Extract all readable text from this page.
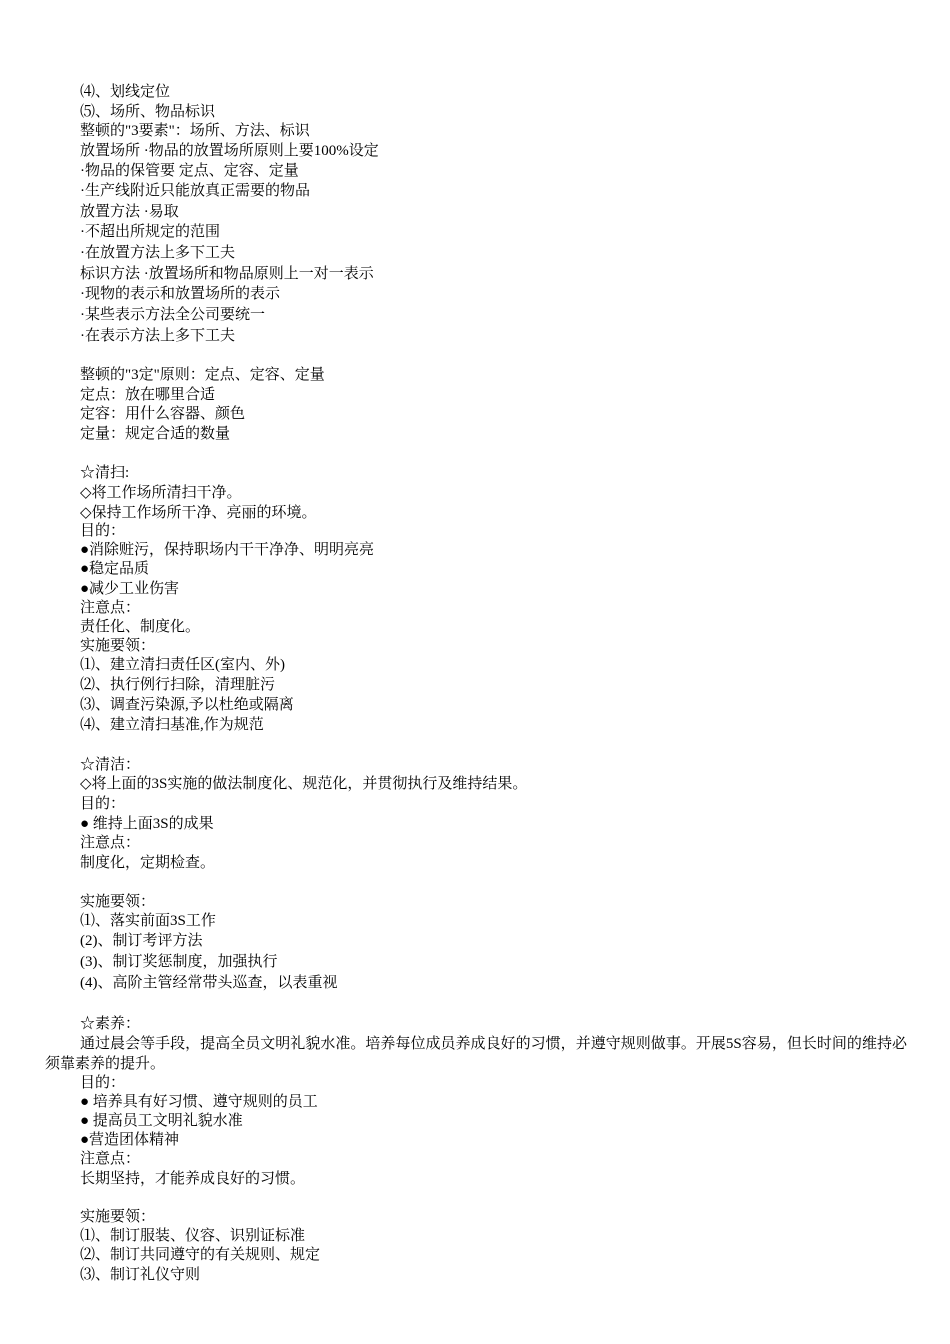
⑷、划线定位
⑸、场所、物品标识
整顿的"3要素"：场所、方法、标识
放置场所 ·物品的放置场所原则上要100%设定
·物品的保管要 定点、定容、定量
·生产线附近只能放真正需要的物品
放置方法 ·易取
·不超出所规定的范围
·在放置方法上多下工夫
标识方法 ·放置场所和物品原则上一对一表示
·现物的表示和放置场所的表示
·某些表示方法全公司要统一
·在表示方法上多下工夫
整顿的"3定"原则：定点、定容、定量
定点：放在哪里合适
定容：用什么容器、颜色
定量：规定合适的数量
☆清扫:
◇将工作场所清扫干净。
◇保持工作场所干净、亮丽的环境。
目的：
●消除赃污，保持职场内干干净净、明明亮亮
●稳定品质
●减少工业伤害
注意点：
责任化、制度化。
实施要领：
⑴、建立清扫责任区(室内、外)
⑵、执行例行扫除，清理脏污
⑶、调查污染源,予以杜绝或隔离
⑷、建立清扫基准,作为规范
☆清洁：
◇将上面的3S实施的做法制度化、规范化，并贯彻执行及维持结果。
目的：
● 维持上面3S的成果
注意点：
制度化，定期检查。
实施要领：
⑴、落实前面3S工作
(2)、制订考评方法
(3)、制订奖惩制度，加强执行
(4)、高阶主管经常带头巡查，以表重视
☆素养：
通过晨会等手段，提高全员文明礼貌水准。培养每位成员养成良好的习惯，并遵守规则做事。开展5S容易，但长时间的维持必须靠素养的提升。
目的：
● 培养具有好习惯、遵守规则的员工
● 提高员工文明礼貌水准
●营造团体精神
注意点：
长期坚持，才能养成良好的习惯。
实施要领：
⑴、制订服装、仪容、识别证标准
⑵、制订共同遵守的有关规则、规定
⑶、制订礼仪守则
